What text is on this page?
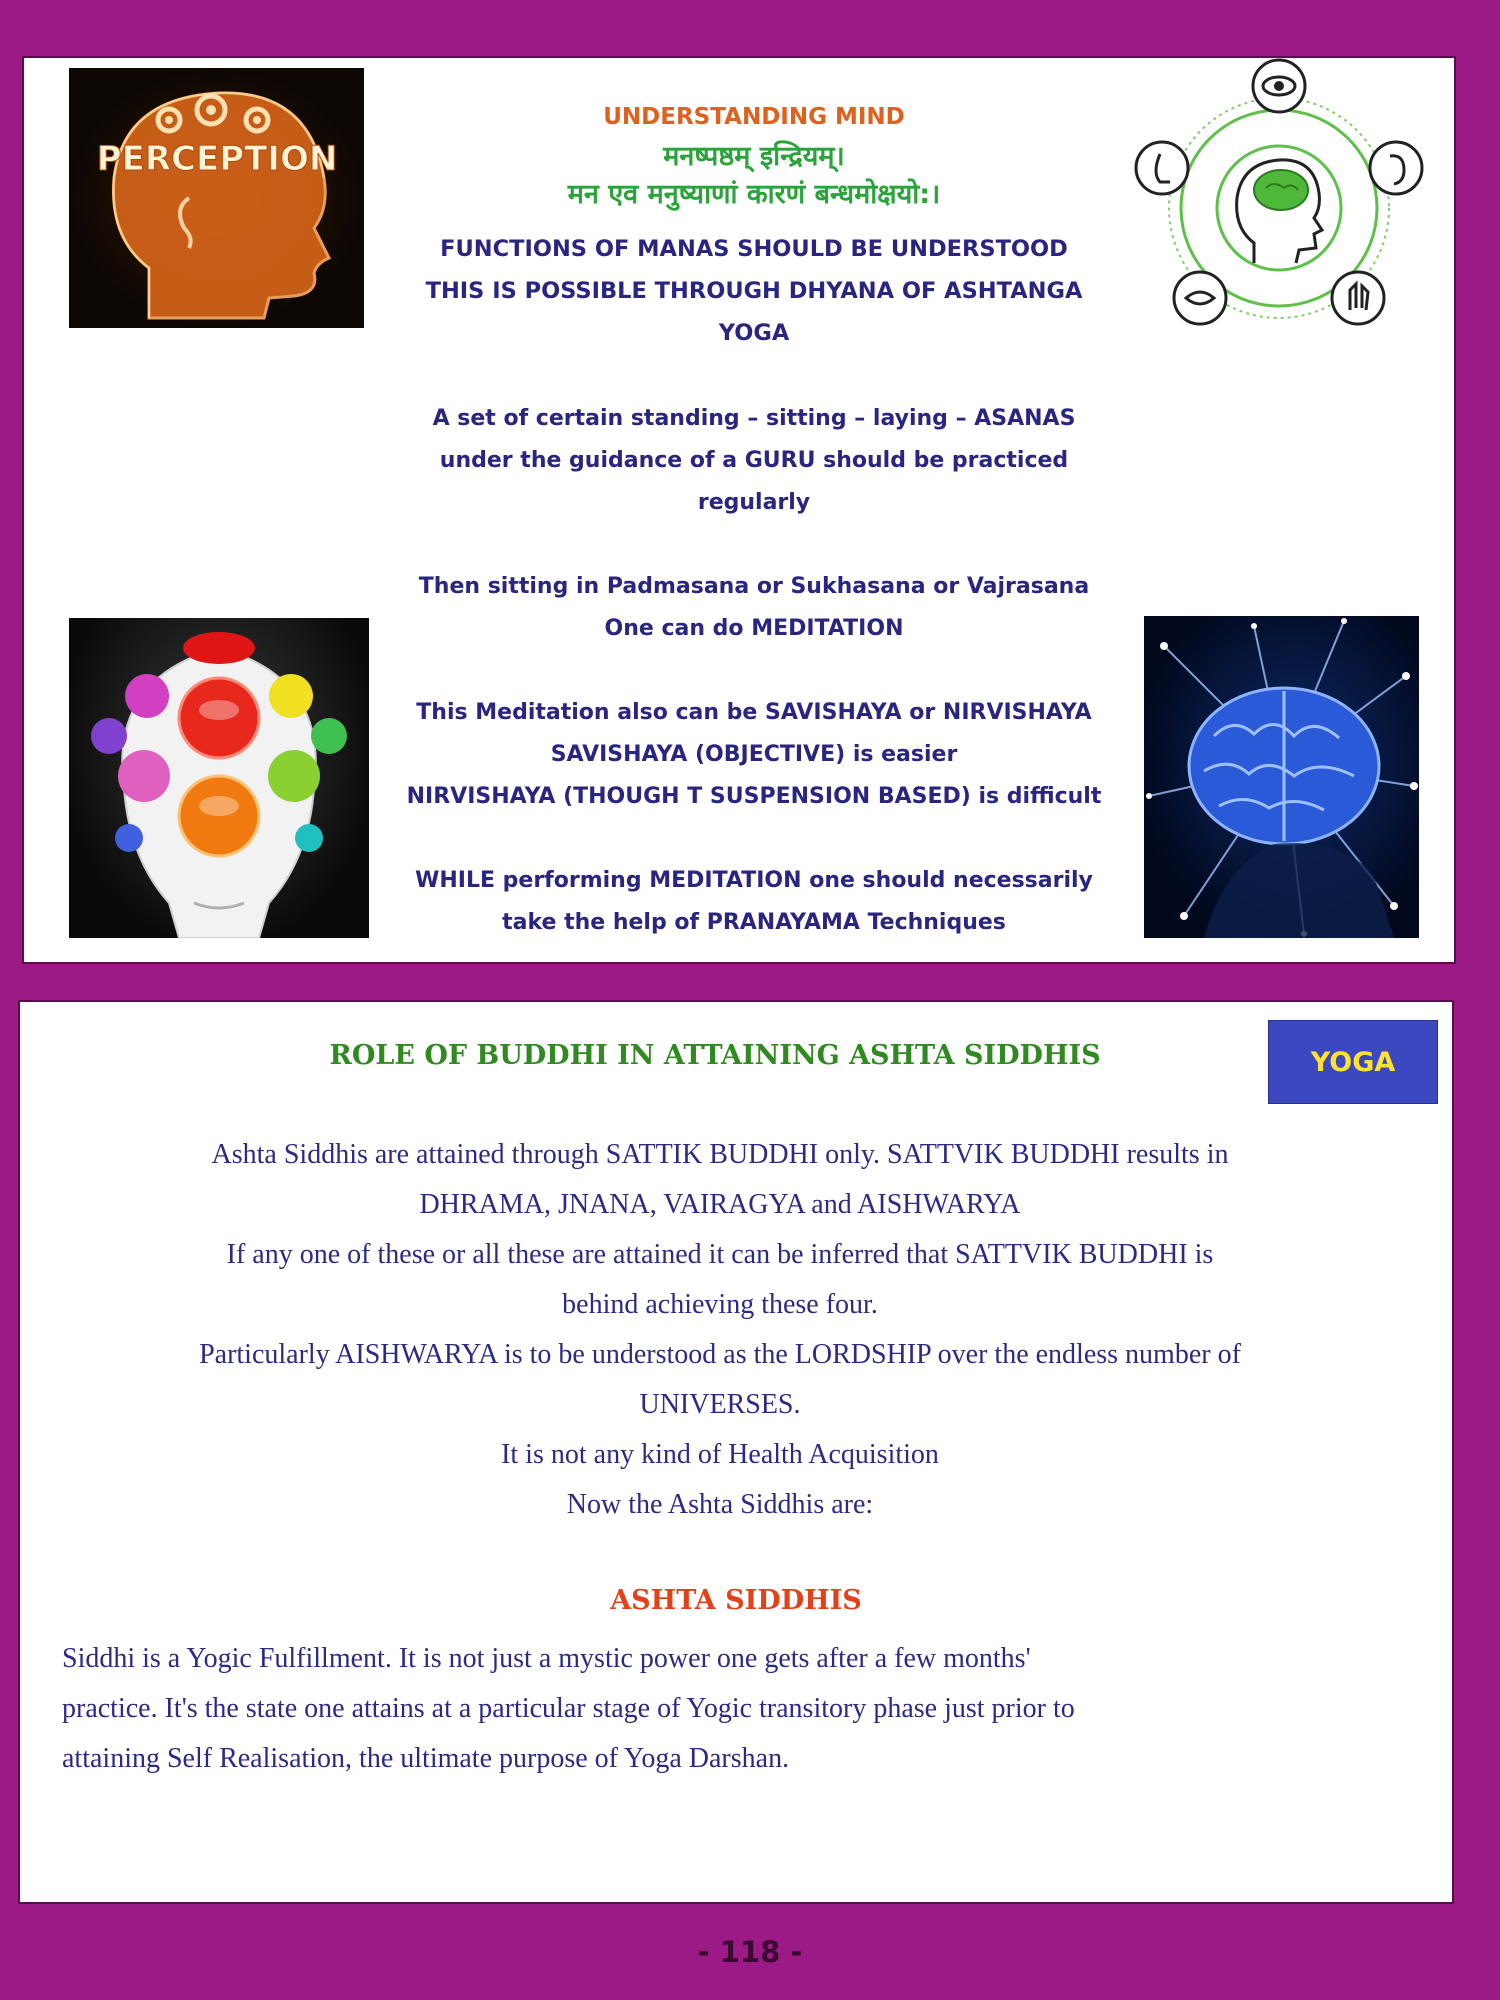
PERCEPTION
UNDERSTANDING MIND
मनष्पष्ठम् इन्द्रियम्।
मन एव मनुष्याणां कारणं बन्धमोक्षयो:।
FUNCTIONS OF MANAS SHOULD BE UNDERSTOOD
THIS IS POSSIBLE THROUGH DHYANA OF ASHTANGA
YOGA
A set of certain standing – sitting – laying – ASANAS
under the guidance of a GURU should be practiced
regularly
Then sitting in Padmasana or Sukhasana or Vajrasana
One can do MEDITATION
This Meditation also can be SAVISHAYA or NIRVISHAYA
SAVISHAYA (OBJECTIVE) is easier
NIRVISHAYA (THOUGH T SUSPENSION BASED) is difficult
WHILE performing MEDITATION one should necessarily
take the help of PRANAYAMA Techniques
ROLE OF BUDDHI IN ATTAINING ASHTA SIDDHIS	YOGA
Ashta Siddhis are attained through SATTIK BUDDHI only. SATTVIK BUDDHI results in
DHRAMA, JNANA, VAIRAGYA and AISHWARYA
If any one of these or all these are attained it can be inferred that SATTVIK BUDDHI is
behind achieving these four.
Particularly AISHWARYA is to be understood as the LORDSHIP over the endless number of
UNIVERSES.
It is not any kind of Health Acquisition
Now the Ashta Siddhis are:
ASHTA SIDDHIS
Siddhi is a Yogic Fulfillment. It is not just a mystic power one gets after a few months'
practice. It's the state one attains at a particular stage of Yogic transitory phase just prior to
attaining Self Realisation, the ultimate purpose of Yoga Darshan.
- 118 -
